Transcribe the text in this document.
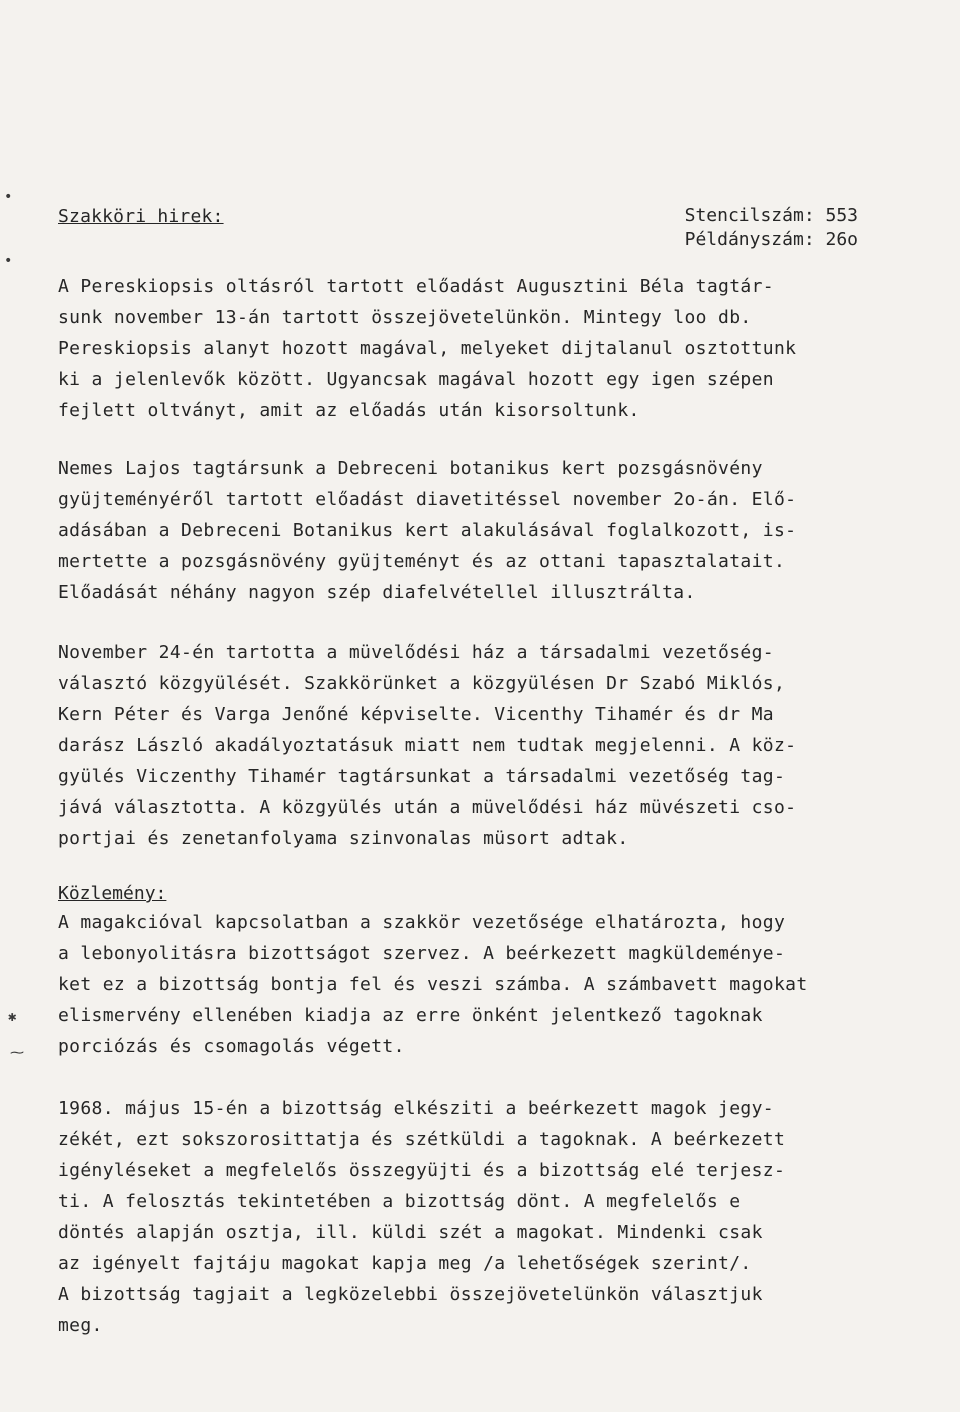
•
•
✱
⁓
Szakköri hirek:	Stencilszám: 553
Példányszám: 26o
A Pereskiopsis oltásról tartott előadást Augusztini Béla tagtár-
sunk november 13-án tartott összejövetelünkön. Mintegy loo db.
Pereskiopsis alanyt hozott magával, melyeket dijtalanul osztottunk
ki a jelenlevők között. Ugyancsak magával hozott egy igen szépen
fejlett oltványt, amit az előadás után kisorsoltunk.
Nemes Lajos tagtársunk a Debreceni botanikus kert pozsgásnövény
gyüjteményéről tartott előadást diavetitéssel november 2o-án. Elő-
adásában a Debreceni Botanikus kert alakulásával foglalkozott, is-
mertette a pozsgásnövény gyüjteményt és az ottani tapasztalatait.
Előadását néhány nagyon szép diafelvétellel illusztrálta.
November 24-én tartotta a müvelődési ház a társadalmi vezetőség-
választó közgyülését. Szakkörünket a közgyülésen Dr Szabó Miklós,
Kern Péter és Varga Jenőné képviselte. Vicenthy Tihamér és dr Ma
darász László akadályoztatásuk miatt nem tudtak megjelenni. A köz-
gyülés Viczenthy Tihamér tagtársunkat a társadalmi vezetőség tag-
jává választotta. A közgyülés után a müvelődési ház müvészeti cso-
portjai és zenetanfolyama szinvonalas müsort adtak.
Közlemény:
A magakcióval kapcsolatban a szakkör vezetősége elhatározta, hogy
a lebonyolitásra bizottságot szervez. A beérkezett magküldeménye-
ket ez a bizottság bontja fel és veszi számba. A számbavett magokat
elismervény ellenében kiadja az erre önként jelentkező tagoknak
porciózás és csomagolás végett.
1968. május 15-én a bizottság elkésziti a beérkezett magok jegy-
zékét, ezt sokszorosittatja és szétküldi a tagoknak. A beérkezett
igényléseket a megfelelős összegyüjti és a bizottság elé terjesz-
ti. A felosztás tekintetében a bizottság dönt. A megfelelős e
döntés alapján osztja, ill. küldi szét a magokat. Mindenki csak
az igényelt fajtáju magokat kapja meg /a lehetőségek szerint/.
A bizottság tagjait a legközelebbi összejövetelünkön választjuk
meg.
